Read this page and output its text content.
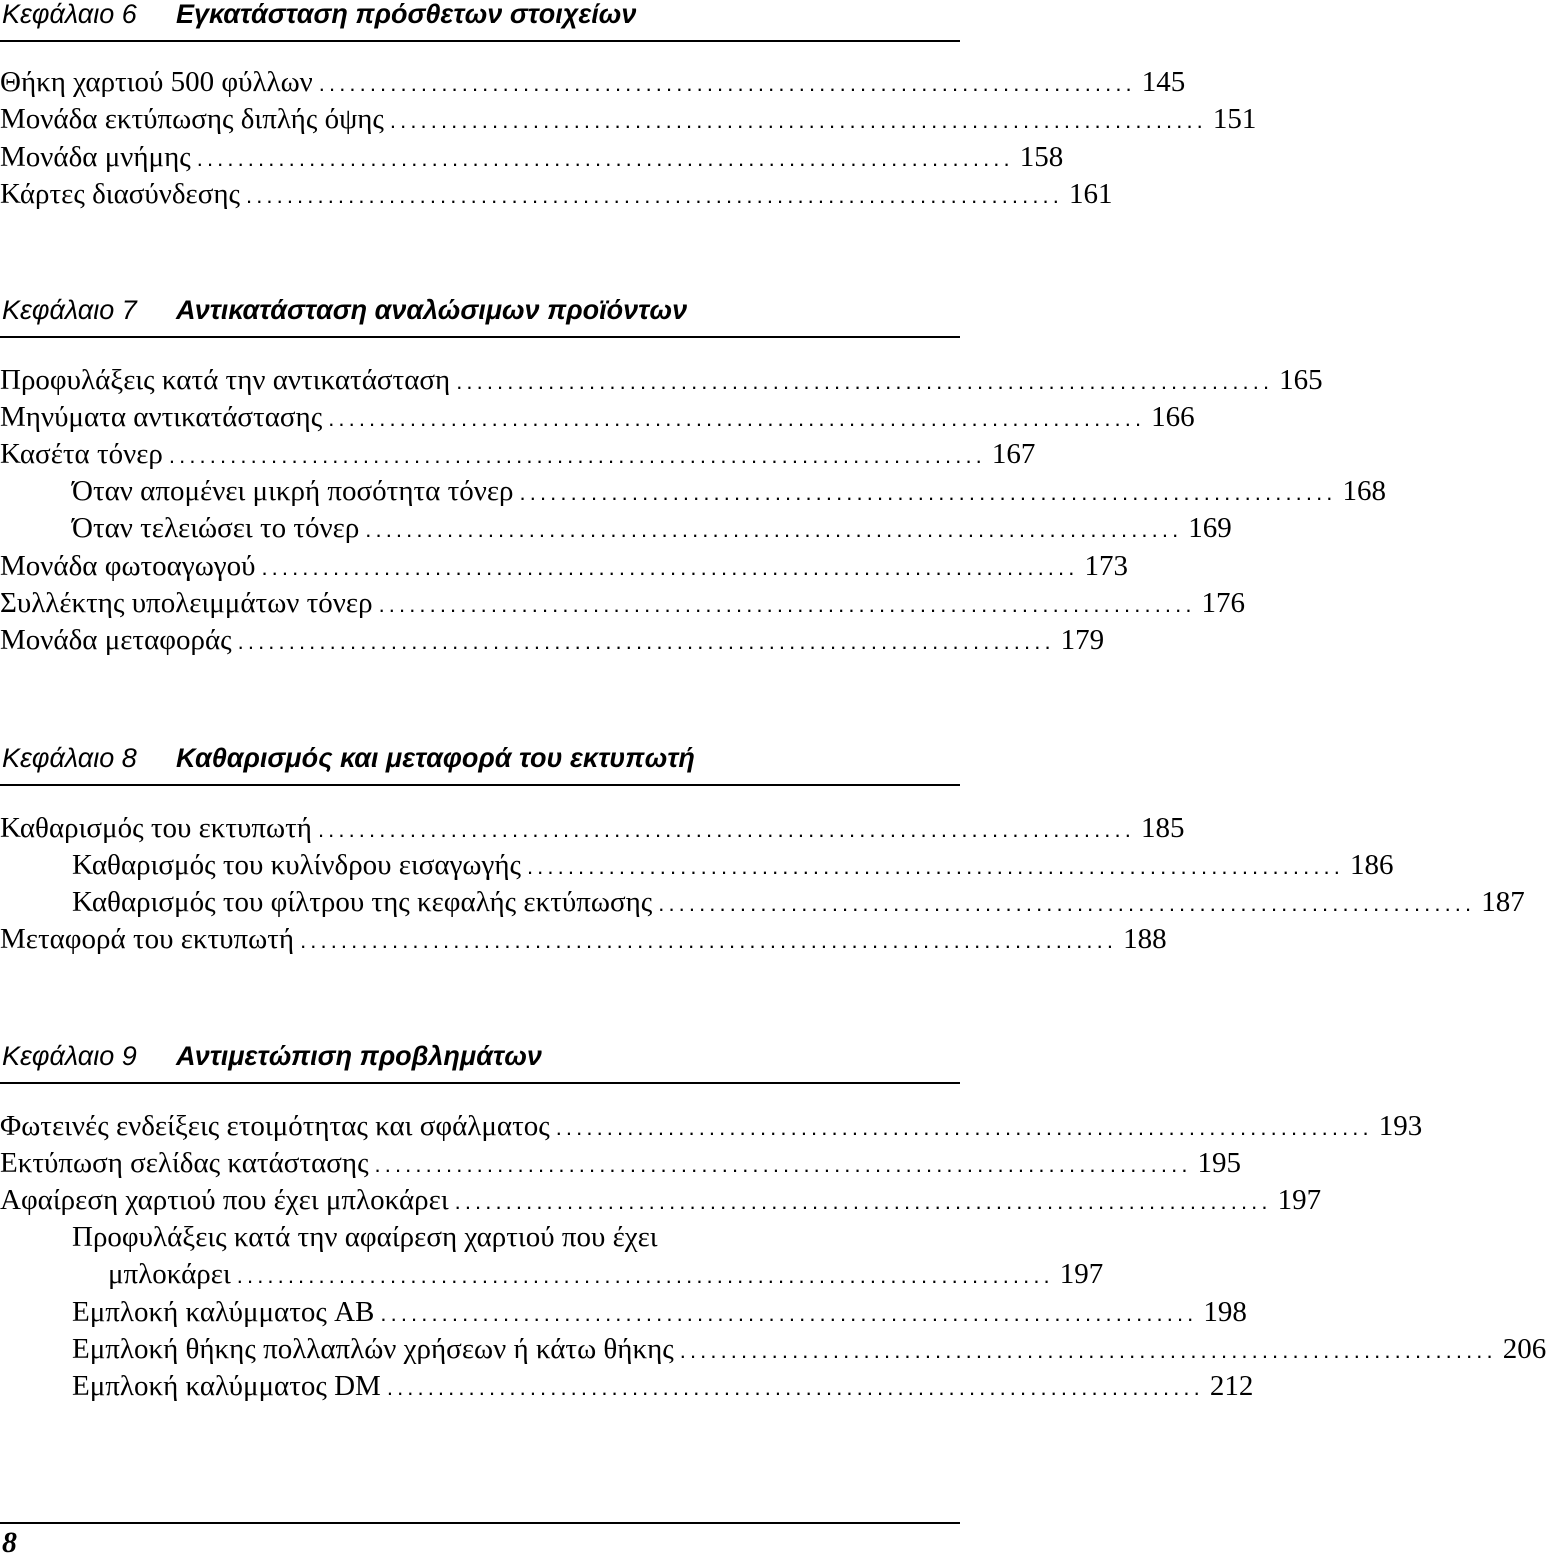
Κεφάλαιο 6 Εγκατάσταση πρόσθετων στοιχείων
Θήκη χαρτιού 500 φύλλων ................................................................................ 145
Μονάδα εκτύπωσης διπλής όψης ................................................................................ 151
Μονάδα μνήμης ................................................................................ 158
Κάρτες διασύνδεσης ................................................................................ 161
Κεφάλαιο 7 Αντικατάσταση αναλώσιμων προϊόντων
Προφυλάξεις κατά την αντικατάσταση ................................................................................ 165
Μηνύματα αντικατάστασης ................................................................................ 166
Κασέτα τόνερ ................................................................................ 167
Όταν απομένει μικρή ποσότητα τόνερ ................................................................................ 168
Όταν τελειώσει το τόνερ ................................................................................ 169
Μονάδα φωτοαγωγού ................................................................................ 173
Συλλέκτης υπολειμμάτων τόνερ ................................................................................ 176
Μονάδα μεταφοράς ................................................................................ 179
Κεφάλαιο 8 Καθαρισμός και μεταφορά του εκτυπωτή
Καθαρισμός του εκτυπωτή ................................................................................ 185
Καθαρισμός του κυλίνδρου εισαγωγής ................................................................................ 186
Καθαρισμός του φίλτρου της κεφαλής εκτύπωσης ................................................................................ 187
Μεταφορά του εκτυπωτή ................................................................................ 188
Κεφάλαιο 9 Αντιμετώπιση προβλημάτων
Φωτεινές ενδείξεις ετοιμότητας και σφάλματος ................................................................................ 193
Εκτύπωση σελίδας κατάστασης ................................................................................ 195
Αφαίρεση χαρτιού που έχει μπλοκάρει ................................................................................ 197
Προφυλάξεις κατά την αφαίρεση χαρτιού που έχει
μπλοκάρει ................................................................................ 197
Εμπλοκή καλύμματος AB ................................................................................ 198
Εμπλοκή θήκης πολλαπλών χρήσεων ή κάτω θήκης ................................................................................ 206
Εμπλοκή καλύμματος DM ................................................................................ 212
8
